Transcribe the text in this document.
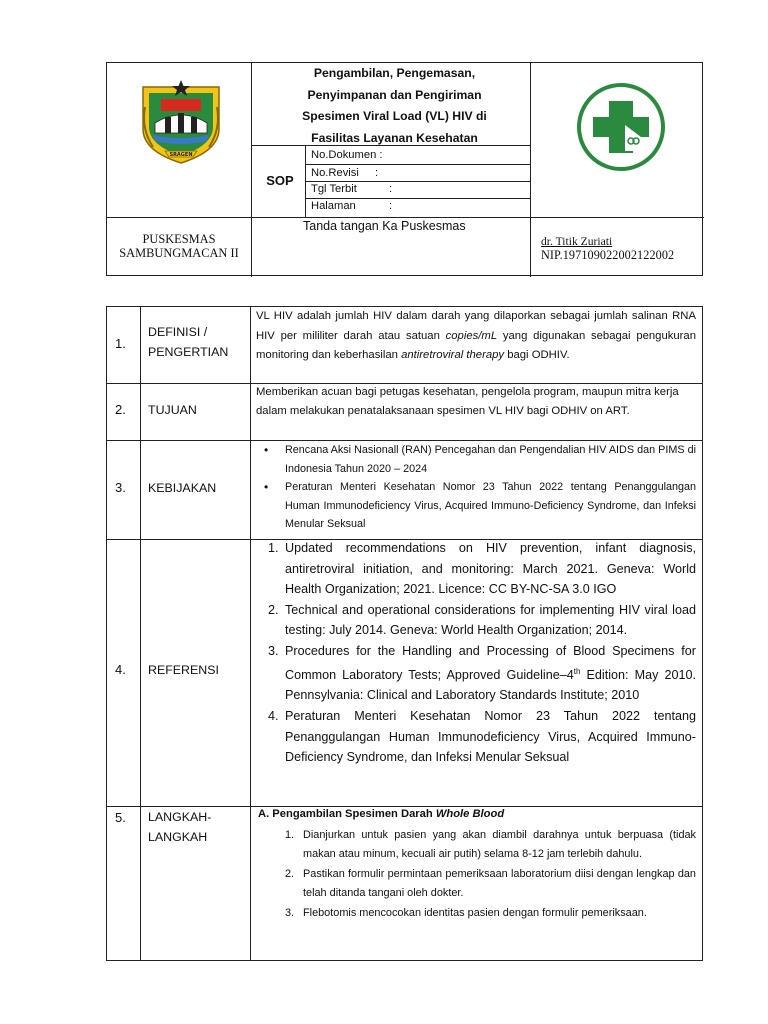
SRAGEN
Pengambilan, Pengemasan,
Penyimpanan dan Pengiriman
Spesimen Viral Load (VL) HIV di
Fasilitas Layanan Kesehatan
SOP
No.Dokumen :
No.Revisi :
Tgl Terbit	:
Halaman	:
Tanda tangan Ka Puskesmas
PUSKESMAS
SAMBUNGMACAN II
dr. Titik Zuriati
NIP.197109022002122002
1.
DEFINISI / PENGERTIAN
VL HIV adalah jumlah HIV dalam darah yang dilaporkan sebagai jumlah salinan RNA HIV per mililiter darah atau satuan copies/mL yang digunakan sebagai pengukuran monitoring dan keberhasilan antiretroviral therapy bagi ODHIV.
2. TUJUAN
Memberikan acuan bagi petugas kesehatan, pengelola program, maupun mitra kerja dalam melakukan penatalaksanaan spesimen VL HIV bagi ODHIV on ART.
3. KEBIJAKAN
• Rencana Aksi Nasionall (RAN) Pencegahan dan Pengendalian HIV AIDS dan PIMS di Indonesia Tahun 2020 – 2024
• Peraturan Menteri Kesehatan Nomor 23 Tahun 2022 tentang Penanggulangan Human Immunodeficiency Virus, Acquired Immuno-Deficiency Syndrome, dan Infeksi Menular Seksual
4. REFERENSI
1. Updated recommendations on HIV prevention, infant diagnosis, antiretroviral initiation, and monitoring: March 2021. Geneva: World Health Organization; 2021. Licence: CC BY-NC-SA 3.0 IGO
2. Technical and operational considerations for implementing HIV viral load testing: July 2014. Geneva: World Health Organization; 2014.
3. Procedures for the Handling and Processing of Blood Specimens for Common Laboratory Tests; Approved Guideline–4th Edition: May 2010. Pennsylvania: Clinical and Laboratory Standards Institute; 2010
4. Peraturan Menteri Kesehatan Nomor 23 Tahun 2022 tentang Penanggulangan Human Immunodeficiency Virus, Acquired Immuno-Deficiency Syndrome, dan Infeksi Menular Seksual
5. LANGKAH-
LANGKAH
A. Pengambilan Spesimen Darah Whole Blood
1. Dianjurkan untuk pasien yang akan diambil darahnya untuk berpuasa (tidak makan atau minum, kecuali air putih) selama 8-12 jam terlebih dahulu.
2. Pastikan formulir permintaan pemeriksaan laboratorium diisi dengan lengkap dan telah ditanda tangani oleh dokter.
3. Flebotomis mencocokan identitas pasien dengan formulir pemeriksaan.
